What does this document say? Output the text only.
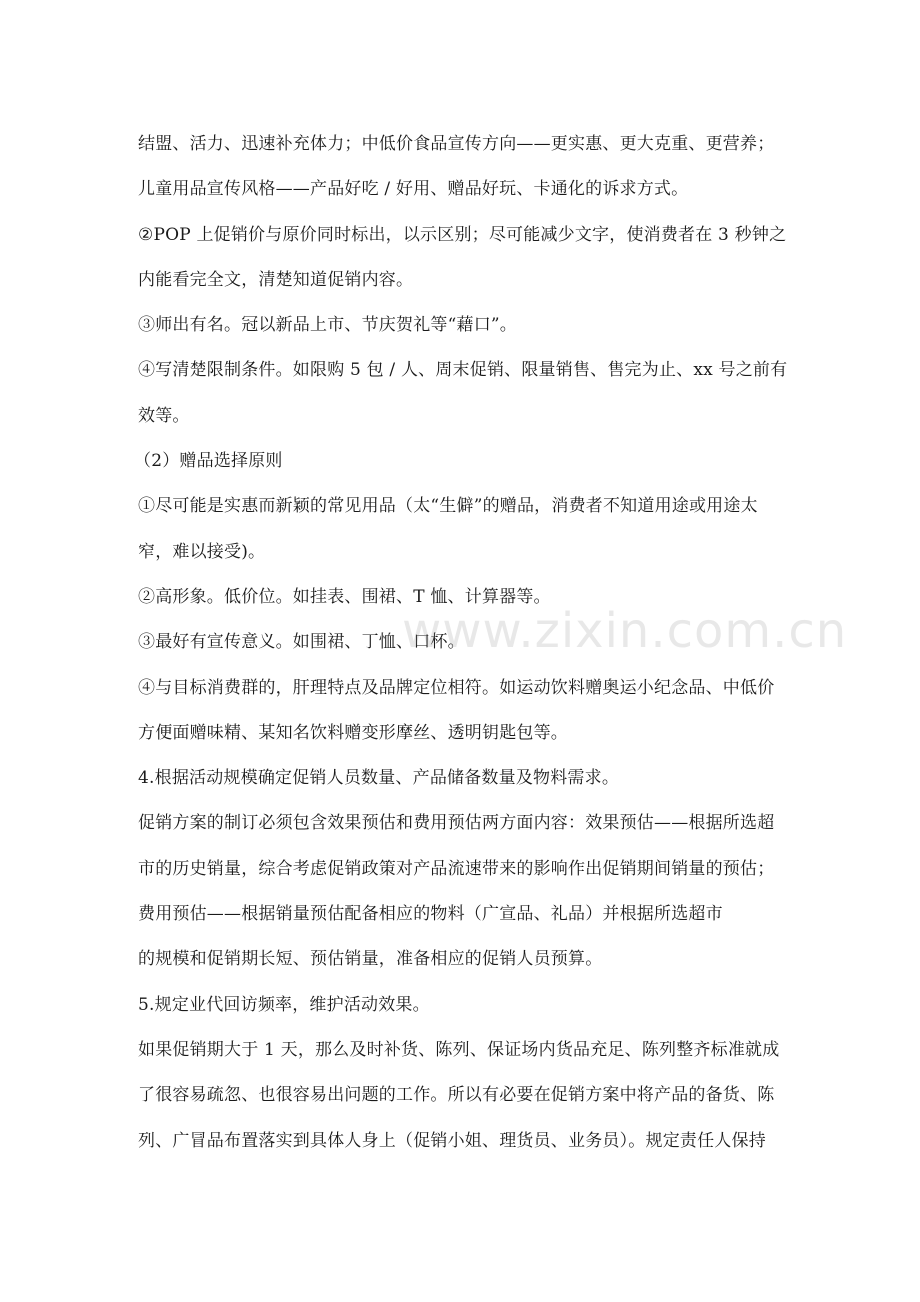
结盟、活力、迅速补充体力；中低价食品宣传方向——更实惠、更大克重、更营养；
儿童用品宣传风格——产品好吃 / 好用、赠品好玩、卡通化的诉求方式。
②POP 上促销价与原价同时标出，以示区别；尽可能减少文字，使消费者在 3 秒钟之
内能看完全文，清楚知道促销内容。
③师出有名。冠以新品上市、节庆贺礼等“藉口”。
④写清楚限制条件。如限购 5 包 / 人、周末促销、限量销售、售完为止、xx 号之前有
效等。
（2）赠品选择原则
①尽可能是实惠而新颖的常见用品（太“生僻”的赠品，消费者不知道用途或用途太
窄，难以接受)。
②高形象。低价位。如挂表、围裙、T 恤、计算器等。
③最好有宣传意义。如围裙、丁恤、口杯。
④与目标消费群的，肝理特点及品牌定位相符。如运动饮料赠奥运小纪念品、中低价
方便面赠味精、某知名饮料赠变形摩丝、透明钥匙包等。
4.根据活动规模确定促销人员数量、产品储备数量及物料需求。
促销方案的制订必须包含效果预估和费用预估两方面内容：效果预估——根据所选超
市的历史销量，综合考虑促销政策对产品流速带来的影响作出促销期间销量的预估；
费用预估——根据销量预估配备相应的物料（广宣品、礼品）并根据所选超市
的规模和促销期长短、预估销量，准备相应的促销人员预算。
5.规定业代回访频率，维护活动效果。
如果促销期大于 1 天，那么及时补货、陈列、保证场内货品充足、陈列整齐标准就成
了很容易疏忽、也很容易出问题的工作。所以有必要在促销方案中将产品的备货、陈
列、广冒品布置落实到具体人身上（促销小姐、理货员、业务员）。规定责任人保持
www.zixin.com.cn
